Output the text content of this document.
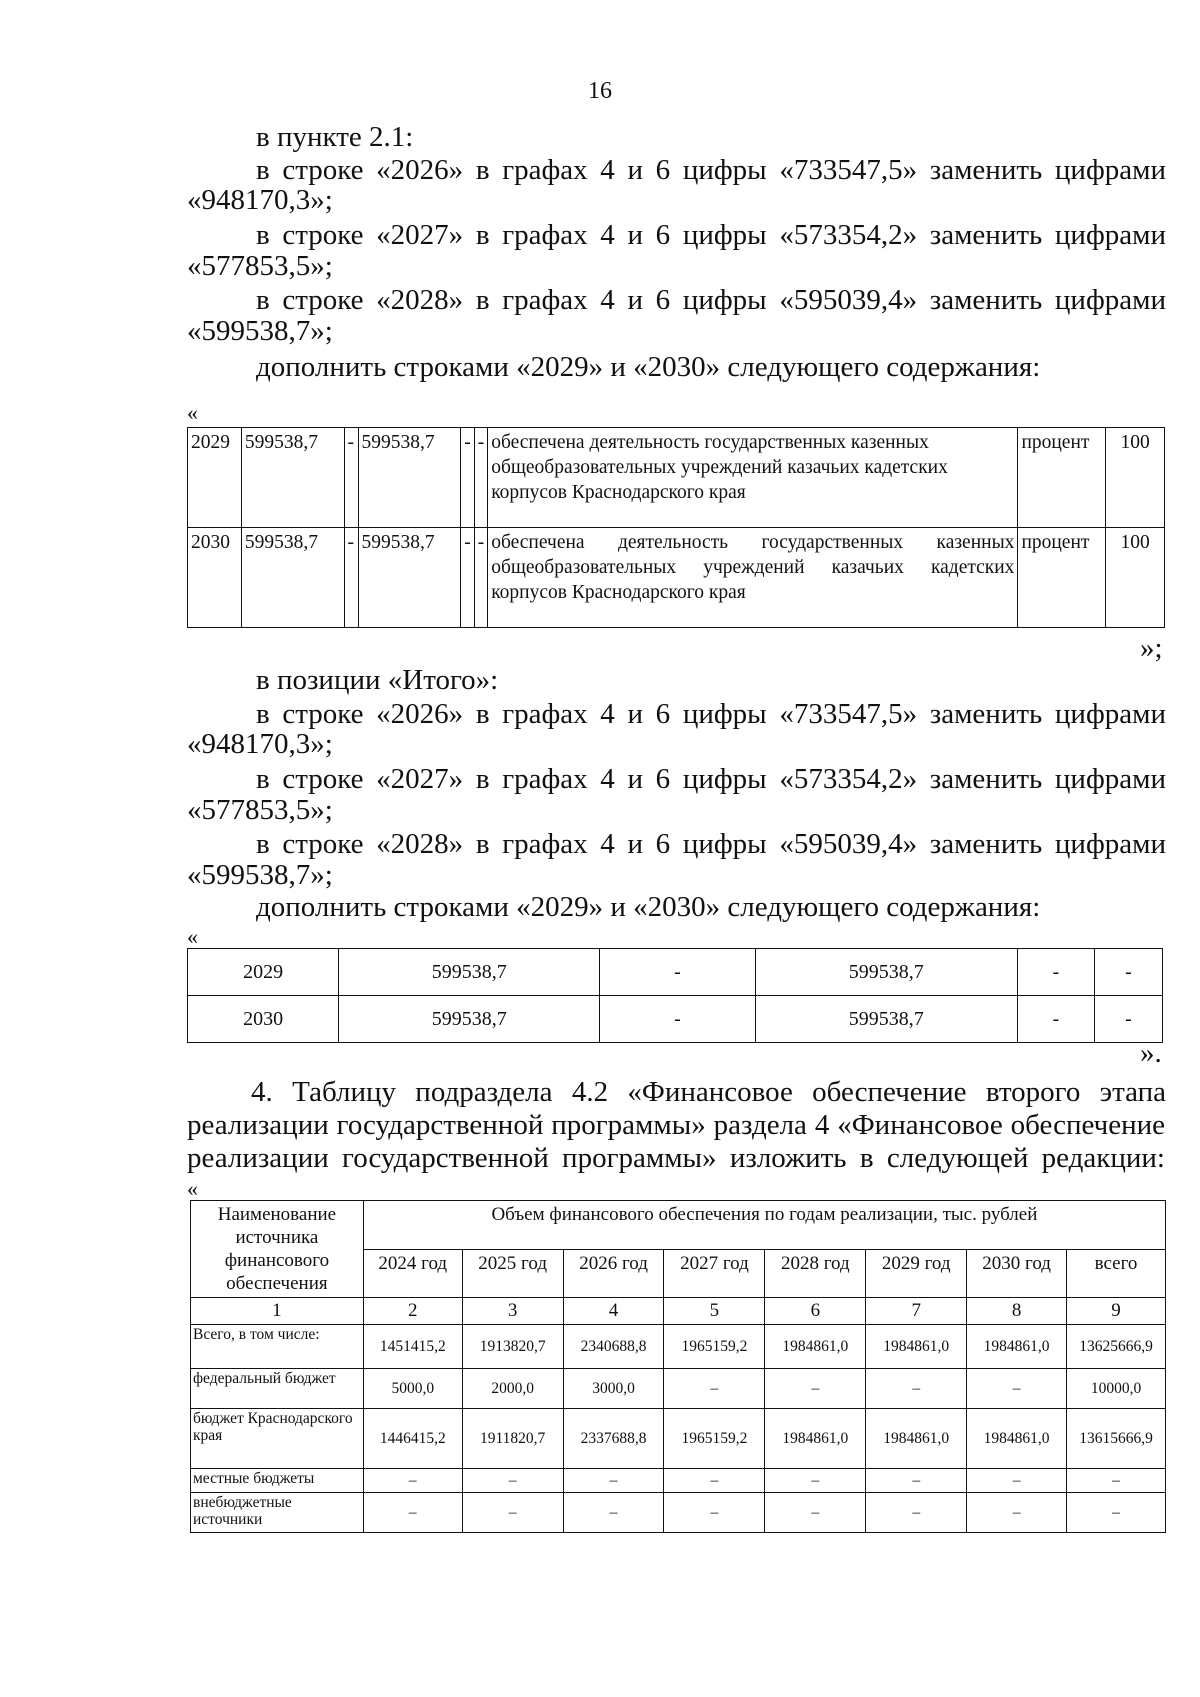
16
в пункте 2.1:
в строке «2026» в графах 4 и 6 цифры «733547,5» заменить цифрами
«948170,3»;
в строке «2027» в графах 4 и 6 цифры «573354,2» заменить цифрами
«577853,5»;
в строке «2028» в графах 4 и 6 цифры «595039,4» заменить цифрами
«599538,7»;
дополнить строками «2029» и «2030» следующего содержания:
«
2029	599538,7	-	599538,7	-	-	обеспечена деятельность государственных казенных общеобразовательных учреждений казачьих кадетских корпусов Краснодарского края	процент	100
2030	599538,7	-	599538,7	-	-	обеспечена деятельность государственных казенных общеобразовательных учреждений казачьих кадетских корпусов Краснодарского края	процент	100
»;
в позиции «Итого»:
в строке «2026» в графах 4 и 6 цифры «733547,5» заменить цифрами
«948170,3»;
в строке «2027» в графах 4 и 6 цифры «573354,2» заменить цифрами
«577853,5»;
в строке «2028» в графах 4 и 6 цифры «595039,4» заменить цифрами
«599538,7»;
дополнить строками «2029» и «2030» следующего содержания:
«
2029	599538,7	-	599538,7	-	-
2030	599538,7	-	599538,7	-	-
».
4. Таблицу подраздела 4.2 «Финансовое обеспечение второго этапа
реализации государственной программы» раздела 4 «Финансовое обеспечение
реализации государственной программы» изложить в следующей редакции:
«
Наименование источника финансового обеспечения	Объем финансового обеспечения по годам реализации, тыс. рублей							
	2024 год	2025 год	2026 год	2027 год	2028 год	2029 год	2030 год	всего
1	2	3	4	5	6	7	8	9
Всего, в том числе:	1451415,2	1913820,7	2340688,8	1965159,2	1984861,0	1984861,0	1984861,0	13625666,9
федеральный бюджет	5000,0	2000,0	3000,0	–	–	–	–	10000,0
бюджет Краснодарского края	1446415,2	1911820,7	2337688,8	1965159,2	1984861,0	1984861,0	1984861,0	13615666,9
местные бюджеты	–	–	–	–	–	–	–	–
внебюджетные источники	–	–	–	–	–	–	–	–
